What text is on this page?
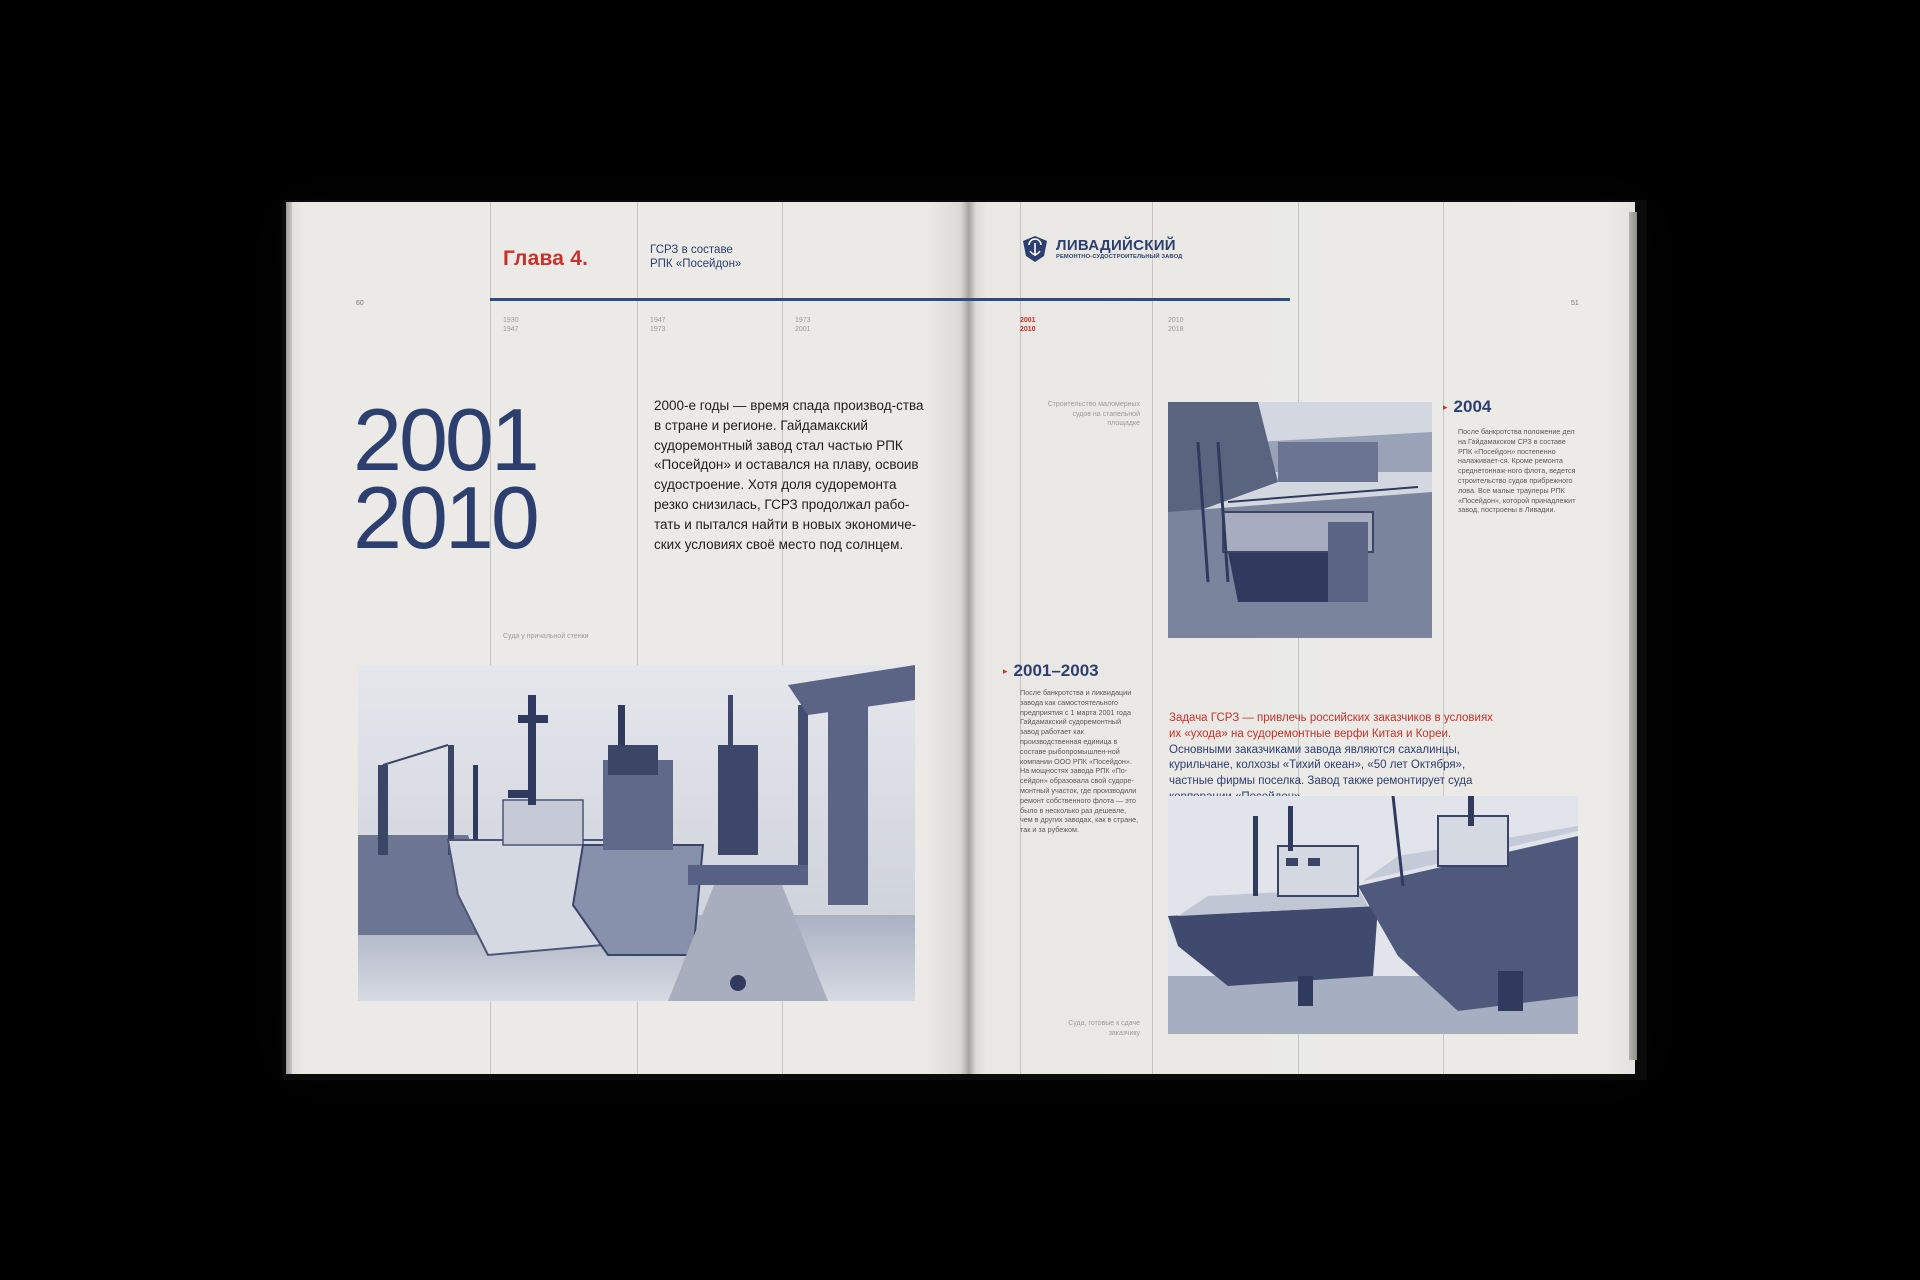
60
Глава 4.	ГСРЗ в составе
РПК «Посейдон»
1930
1947
1947
1973
1973
2001
2001
2010
2000-е годы — время спада производ-ства в стране и регионе. Гайдамакский судоремонтный завод стал частью РПК «Посейдон» и оставался на плаву, освоив судостроение. Хотя доля судоремонта резко снизилась, ГСРЗ продолжал рабо-тать и пытался найти в новых экономиче-ских условиях своё место под солнцем.
Суда у причальной стенки
51
ЛИВАДИЙСКИЙ
РЕМОНТНО-СУДОСТРОИТЕЛЬНЫЙ ЗАВОД
2001
2010
2010
2018
Строительство маломерных судов на стапельной площадке
▸ 2004
После банкротства положение дел на Гайдамакском СРЗ в составе РПК «Посейдон» постепенно налаживает-ся. Кроме ремонта среднетоннаж-ного флота, ведется строительство судов прибрежного лова. Все малые траулеры РПК «Посейдон», которой принадлежит завод, построены в Ливадии.
▸ 2001–2003
После банкротства и ликвидации завода как самостоятельного предприятия с 1 марта 2001 года Гайдамакский судоремонтный завод работает как производственная единица в составе рыбопромышлен-ной компании ООО РПК «Посейдон». На мощностях завода РПК «По-сейдон» образовала свой судоре-монтный участок, где производили ремонт собственного флота — это было в несколько раз дешевле, чем в других заводах, как в стране, так и за рубежом.
Задача ГСРЗ — привлечь российских заказчиков в условиях их «ухода» на судоремонтные верфи Китая и Кореи. Основными заказчиками завода являются сахалинцы, курильчане, колхозы «Тихий океан», «50 лет Октября», частные фирмы поселка. Завод также ремонтирует суда
Суда, готовые к сдаче заказчику
